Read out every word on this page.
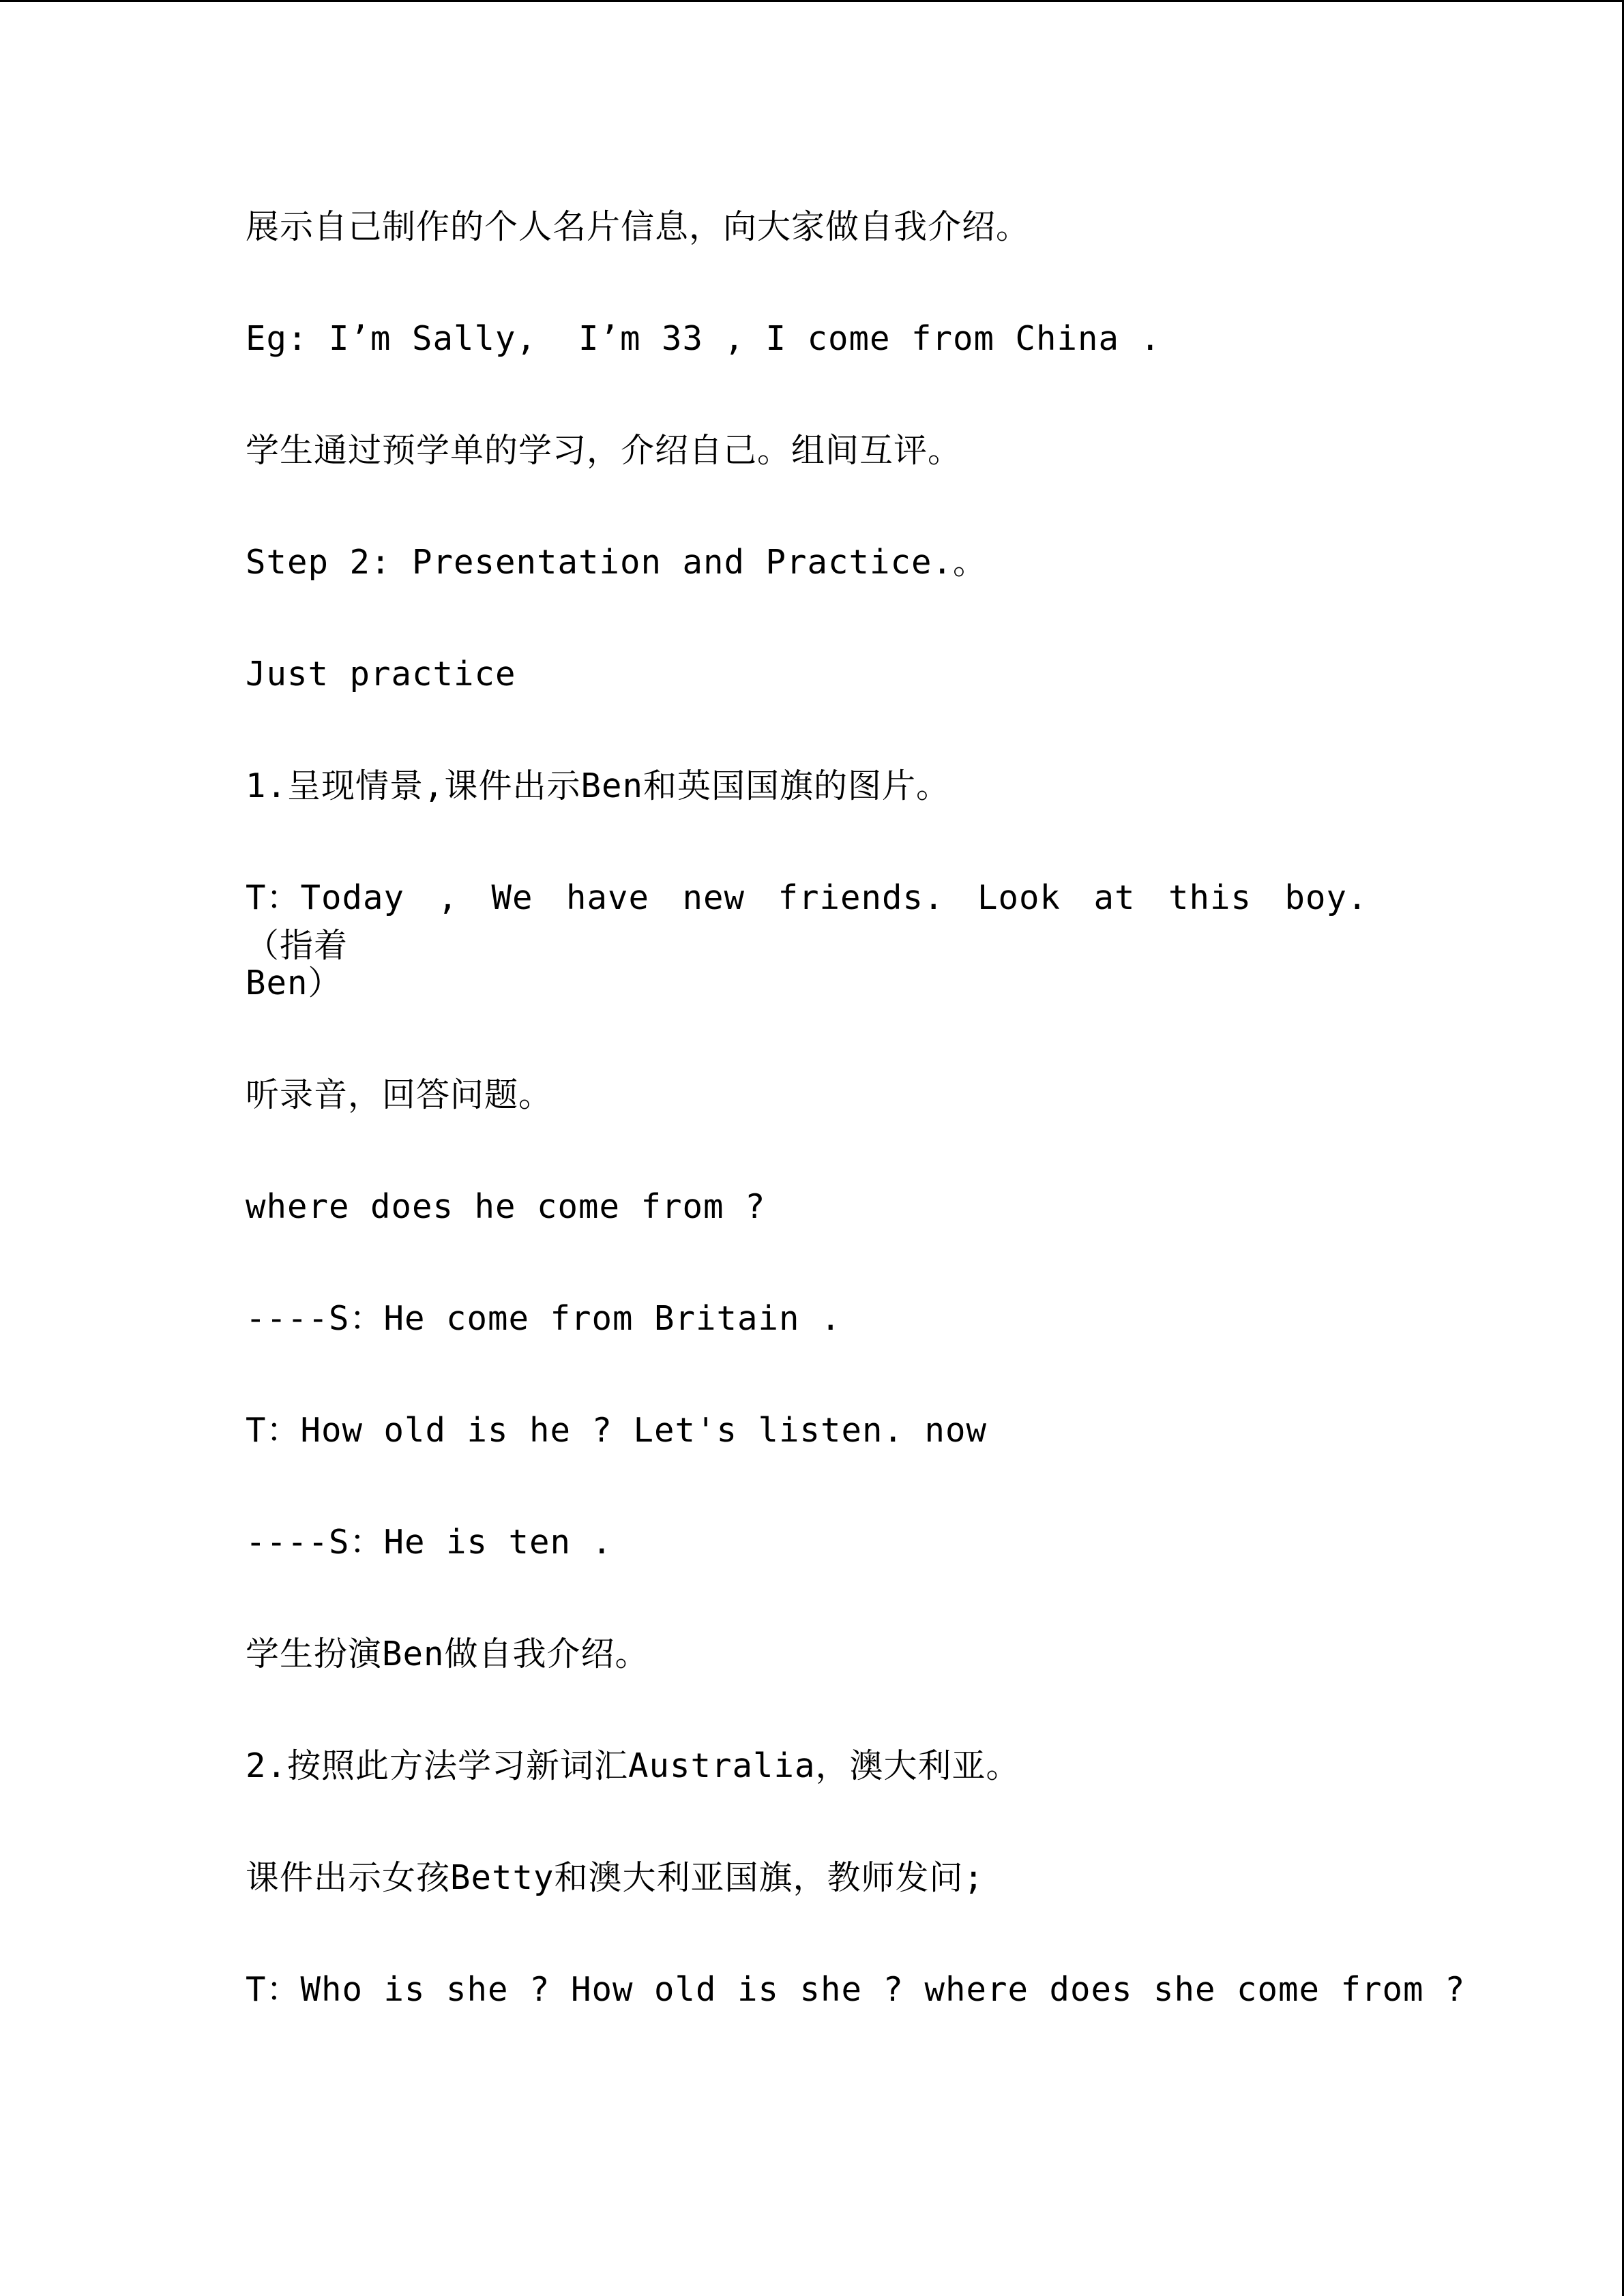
展示自己制作的个人名片信息，向大家做自我介绍。
Eg: I’m Sally,  I’m 33 , I come from China .
学生通过预学单的学习，介绍自己。组间互评。
Step 2: Presentation and Practice.。
Just practice
1.呈现情景,课件出示Ben和英国国旗的图片。
T：Today , We have new friends. Look at this boy.（指着
Ben）
听录音，回答问题。
where does he come from ?
----S：He come from Britain .
T：How old is he ? Let's listen. now
----S：He is ten .
学生扮演Ben做自我介绍。
2.按照此方法学习新词汇Australia，澳大利亚。
课件出示女孩Betty和澳大利亚国旗，教师发问;
T：Who is she ? How old is she ? where does she come from ?
